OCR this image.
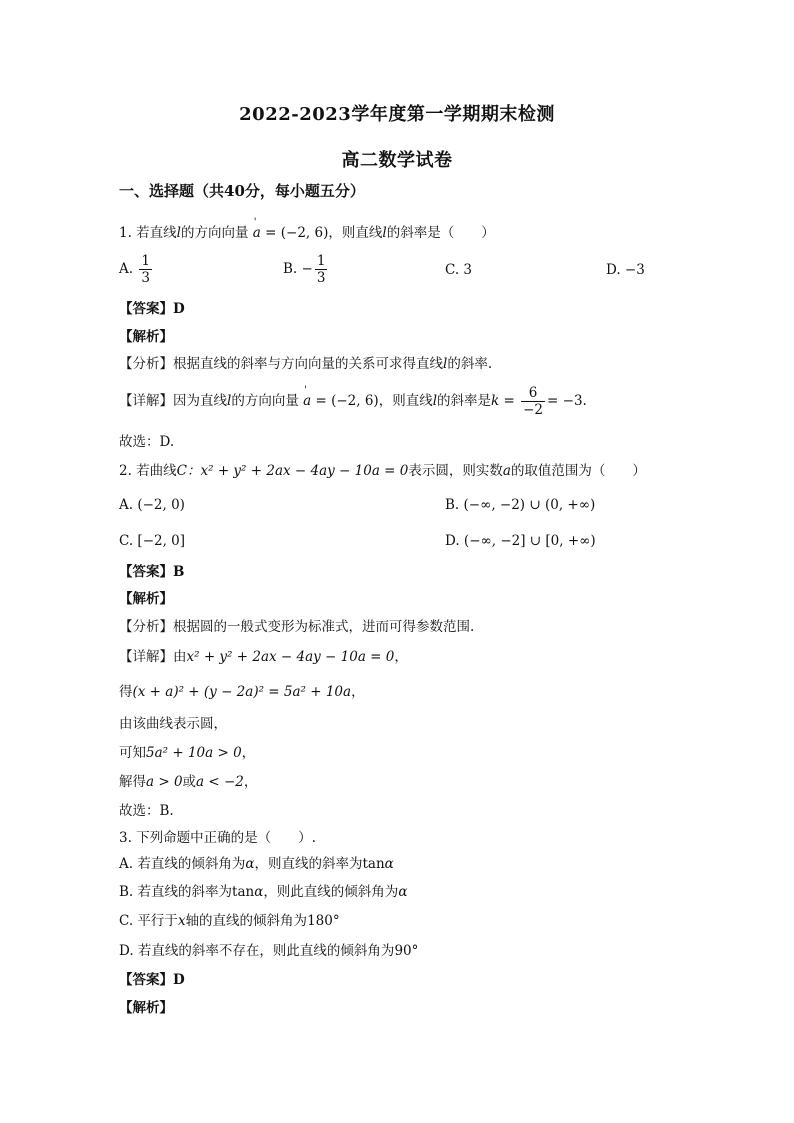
2022-2023学年度第一学期期末检测
高二数学试卷
一、选择题（共40分，每小题五分）
1. 若直线l的方向向量 ' a = (−2, 6)，则直线l的斜率是（　　）
A. $\frac{1}{3}$	B. − $\frac{1}{3}$	C. 3	D. −3
【答案】D
【解析】
【分析】根据直线的斜率与方向向量的关系可求得直线l的斜率.
【详解】因为直线l的方向向量 ' a = (−2, 6)，则直线l的斜率是$k = \frac{6}{-2} = -3$.
故选：D.
2. 若曲线C：x² + y² + 2ax − 4ay − 10a = 0表示圆，则实数a的取值范围为（　　）
A. (−2, 0)	B. (−∞, −2) ∪ (0, +∞)
C. [−2, 0]	D. (−∞, −2] ∪ [0, +∞)
【答案】B
【解析】
【分析】根据圆的一般式变形为标准式，进而可得参数范围.
【详解】由x² + y² + 2ax − 4ay − 10a = 0，
得(x + a)² + (y − 2a)² = 5a² + 10a，
由该曲线表示圆，
可知5a² + 10a > 0，
解得a > 0或a < −2，
故选：B.
3. 下列命题中正确的是（　　）.
A. 若直线的倾斜角为α，则直线的斜率为tanα
B. 若直线的斜率为tanα，则此直线的倾斜角为α
C. 平行于x轴的直线的倾斜角为180°
D. 若直线的斜率不存在，则此直线的倾斜角为90°
【答案】D
【解析】
